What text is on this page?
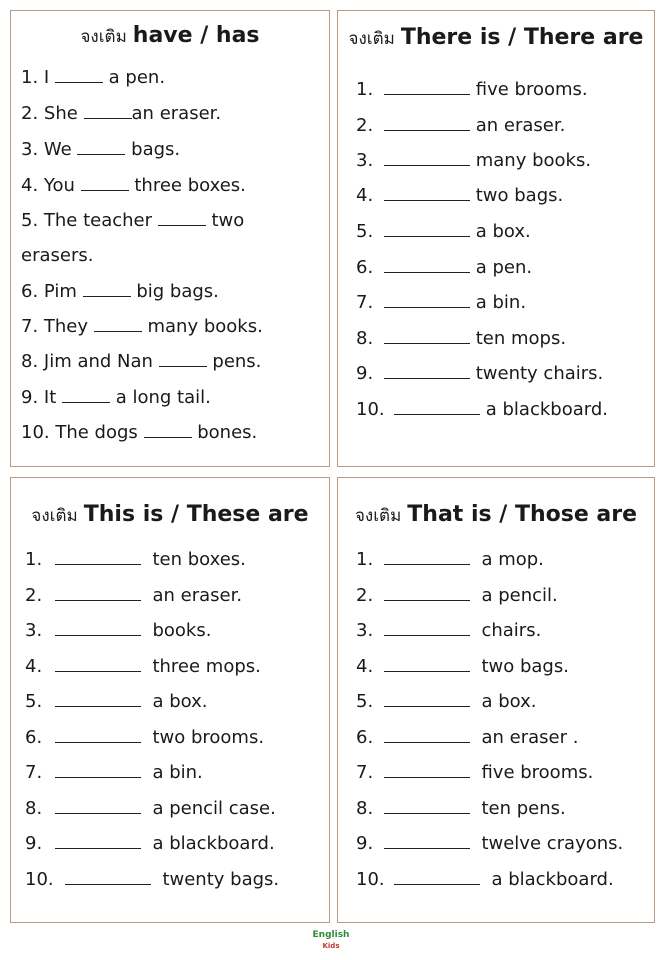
จงเติม have / has
1. I	a pen.
2. She	an eraser.
3. We	bags.
4. You	three boxes.
5. The teacher	two
erasers.
6. Pim	big bags.
7. They	many books.
8. Jim and Nan	pens.
9. It	a long tail.
10. The dogs	bones.
จงเติม There is / There are
1.	five brooms.
2.	an eraser.
3.	many books.
4.	two bags.
5.	a box.
6.	a pen.
7.	a bin.
8.	ten mops.
9.	twenty chairs.
10.	a blackboard.
จงเติม This is / These are
1.	ten boxes.
2.	an eraser.
3.	books.
4.	three mops.
5.	a box.
6.	two brooms.
7.	a bin.
8.	a pencil case.
9.	a blackboard.
10.	twenty bags.
จงเติม That is / Those are
1.	a mop.
2.	a pencil.
3.	chairs.
4.	two bags.
5.	a box.
6.	an eraser .
7.	five brooms.
8.	ten pens.
9.	twelve crayons.
10.	a blackboard.
English
Kids
